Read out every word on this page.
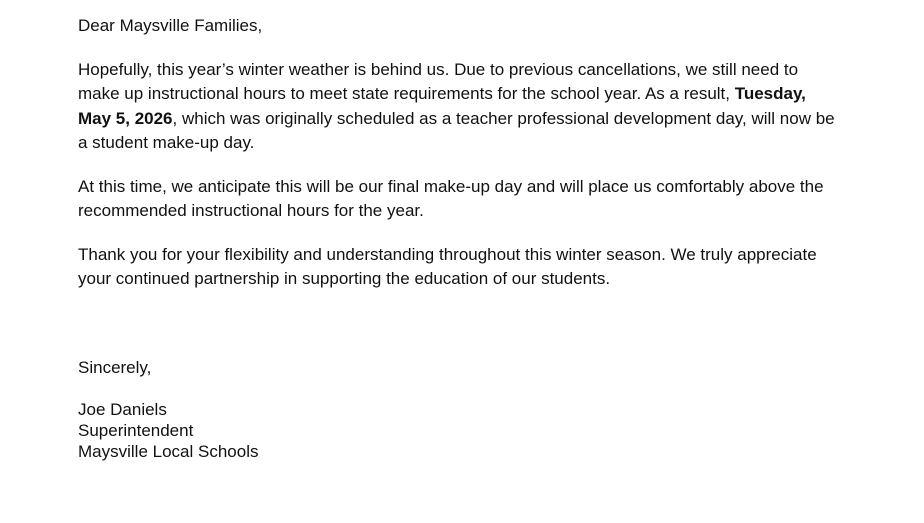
Dear Maysville Families,

Hopefully, this year’s winter weather is behind us. Due to previous cancellations, we still need to make up instructional hours to meet state requirements for the school year. As a result, Tuesday, May 5, 2026, which was originally scheduled as a teacher professional development day, will now be a student make-up day.

At this time, we anticipate this will be our final make-up day and will place us comfortably above the recommended instructional hours for the year.

Thank you for your flexibility and understanding throughout this winter season. We truly appreciate your continued partnership in supporting the education of our students.

Sincerely,

Joe Daniels
Superintendent
Maysville Local Schools
